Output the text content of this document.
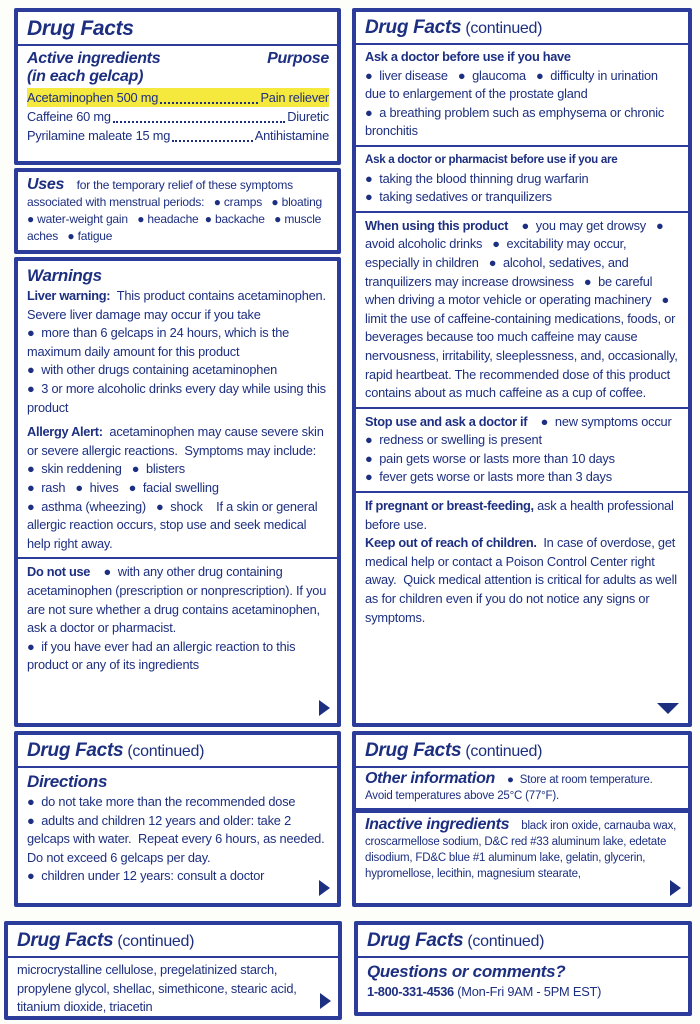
Drug Facts
Active ingredients	Purpose
(in each gelcap)
Acetaminophen 500 mg	Pain reliever
Caffeine 60 mg	Diuretic
Pyrilamine maleate 15 mg	Antihistamine
Uses    for the temporary relief of these symptoms associated with menstrual periods:   ● cramps   ● bloating   ● water-weight gain   ● headache  ● backache   ● muscle aches   ● fatigue
Warnings
Liver warning:  This product contains acetaminophen.  Severe liver damage may occur if you take
●  more than 6 gelcaps in 24 hours, which is the maximum daily amount for this product
●  with other drugs containing acetaminophen
●  3 or more alcoholic drinks every day while using this product
Allergy Alert:  acetaminophen may cause severe skin or severe allergic reactions.  Symptoms may include:   ●  skin reddening   ●  blisters
●  rash   ●  hives   ●  facial swelling
●  asthma (wheezing)   ●  shock    If a skin or general allergic reaction occurs, stop use and seek medical help right away.
Do not use    ●  with any other drug containing acetaminophen (prescription or nonprescription). If you are not sure whether a drug contains acetaminophen, ask a doctor or pharmacist.
●  if you have ever had an allergic reaction to this product or any of its ingredients
Drug Facts (continued)
Directions
●  do not take more than the recommended dose
●  adults and children 12 years and older: take 2 gelcaps with water.  Repeat every 6 hours, as needed.  Do not exceed 6 gelcaps per day.
●  children under 12 years: consult a doctor
Drug Facts (continued)
microcrystalline cellulose, pregelatinized starch, propylene glycol, shellac, simethicone, stearic acid, titanium dioxide, triacetin
Drug Facts (continued)
Ask a doctor before use if you have
●  liver disease   ●  glaucoma   ●  difficulty in urination due to enlargement of the prostate gland
●  a breathing problem such as emphysema or chronic bronchitis
Ask a doctor or pharmacist before use if you are
●  taking the blood thinning drug warfarin
●  taking sedatives or tranquilizers
When using this product    ●  you may get drowsy   ●  avoid alcoholic drinks   ●  excitability may occur, especially in children   ●  alcohol, sedatives, and tranquilizers may increase drowsiness   ●  be careful when driving a motor vehicle or operating machinery   ●  limit the use of caffeine-containing medications, foods, or beverages because too much caffeine may cause nervousness, irritability, sleeplessness, and, occasionally, rapid heartbeat. The recommended dose of this product contains about as much caffeine as a cup of coffee.
Stop use and ask a doctor if    ●  new symptoms occur   ●  redness or swelling is present
●  pain gets worse or lasts more than 10 days
●  fever gets worse or lasts more than 3 days
If pregnant or breast-feeding, ask a health professional before use.
Keep out of reach of children.  In case of overdose, get medical help or contact a Poison Control Center right away.  Quick medical attention is critical for adults as well as for children even if you do not notice any signs or symptoms.
Drug Facts (continued)
Other information    ●  Store at room temperature. Avoid temperatures above 25°C (77°F).
Inactive ingredients    black iron oxide, carnauba wax, croscarmellose sodium, D&C red #33 aluminum lake, edetate disodium, FD&C blue #1 aluminum lake, gelatin, glycerin, hypromellose, lecithin, magnesium stearate,
Drug Facts (continued)
Questions or comments?
1-800-331-4536 (Mon-Fri 9AM - 5PM EST)
